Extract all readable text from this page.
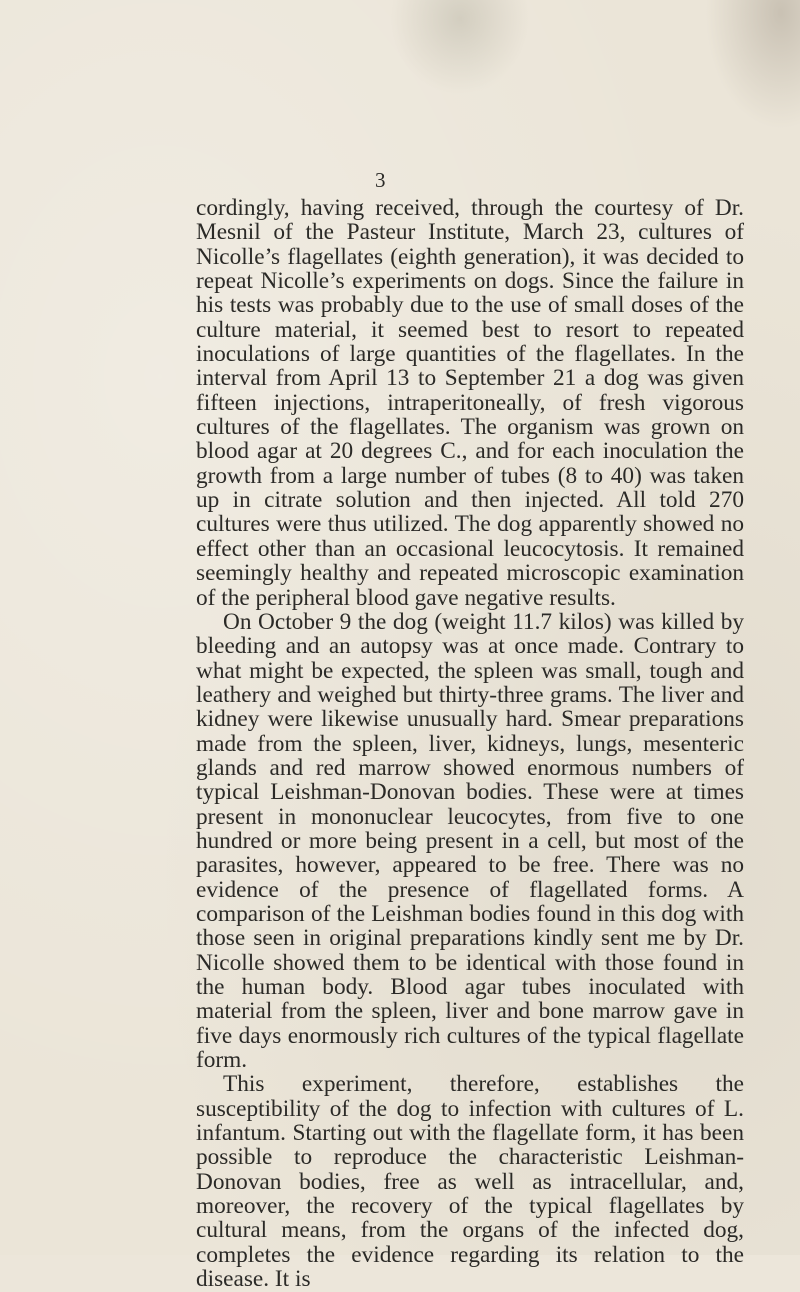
3

cordingly, having received, through the courtesy of Dr. Mesnil of the Pasteur Institute, March 23, cultures of Nicolle’s flagellates (eighth generation), it was decided to repeat Nicolle’s experiments on dogs. Since the failure in his tests was probably due to the use of small doses of the culture material, it seemed best to resort to repeated inoculations of large quantities of the flagellates. In the interval from April 13 to September 21 a dog was given fifteen injections, intraperitoneally, of fresh vigorous cultures of the flagellates. The organism was grown on blood agar at 20 degrees C., and for each inoculation the growth from a large number of tubes (8 to 40) was taken up in citrate solution and then injected. All told 270 cultures were thus utilized. The dog apparently showed no effect other than an occasional leucocytosis. It remained seemingly healthy and repeated microscopic examination of the peripheral blood gave negative results.

On October 9 the dog (weight 11.7 kilos) was killed by bleeding and an autopsy was at once made. Contrary to what might be expected, the spleen was small, tough and leathery and weighed but thirty-three grams. The liver and kidney were likewise unusually hard. Smear preparations made from the spleen, liver, kidneys, lungs, mesenteric glands and red marrow showed enormous numbers of typical Leishman-Donovan bodies. These were at times present in mononuclear leucocytes, from five to one hundred or more being present in a cell, but most of the parasites, however, appeared to be free. There was no evidence of the presence of flagellated forms. A comparison of the Leishman bodies found in this dog with those seen in original preparations kindly sent me by Dr. Nicolle showed them to be identical with those found in the human body. Blood agar tubes inoculated with material from the spleen, liver and bone marrow gave in five days enormously rich cultures of the typical flagellate form.

This experiment, therefore, establishes the susceptibility of the dog to infection with cultures of L. infantum. Starting out with the flagellate form, it has been possible to reproduce the characteristic Leishman-Donovan bodies, free as well as intracellular, and, moreover, the recovery of the typical flagellates by cultural means, from the organs of the infected dog, completes the evidence regarding its relation to the disease. It is
